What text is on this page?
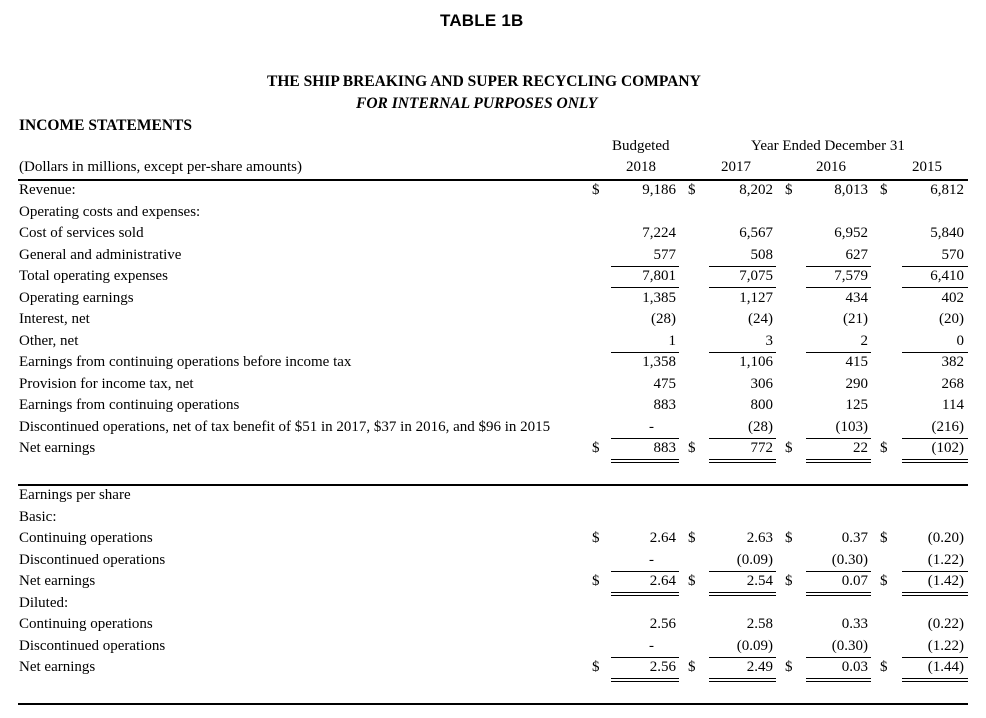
TABLE 1B
THE SHIP BREAKING AND SUPER RECYCLING COMPANY
FOR INTERNAL PURPOSES ONLY
INCOME STATEMENTS
Budgeted	Year Ended December 31
2018	2017	2016	2015
(Dollars in millions, except per-share amounts)
Revenue:	9,186	8,202	8,013	6,812
$	$	$	$
Operating costs and expenses:
Cost of services sold	7,224	6,567	6,952	5,840
General and administrative	577	508	627	570
Total operating expenses	7,801	7,075	7,579	6,410
Operating earnings	1,385	1,127	434	402
Interest, net	(28)	(24)	(21)	(20)
Other, net	1	3	2	0
Earnings from continuing operations before income tax	1,358	1,106	415	382
Provision for income tax, net	475	306	290	268
Earnings from continuing operations	883	800	125	114
Discontinued operations, net of tax benefit of $51 in 2017, $37 in 2016, and $96 in 2015	-	(28)	(103)	(216)
Net earnings	883	772	22	(102)
$	$	$	$
Earnings per share
Basic:
Continuing operations	2.64	2.63	0.37	(0.20)
$	$	$	$
Discontinued operations	-	(0.09)	(0.30)	(1.22)
Net earnings	2.64	2.54	0.07	(1.42)
$	$	$	$
Diluted:
Continuing operations	2.56	2.58	0.33	(0.22)
Discontinued operations	-	(0.09)	(0.30)	(1.22)
Net earnings	2.56	2.49	0.03	(1.44)
$	$	$	$
